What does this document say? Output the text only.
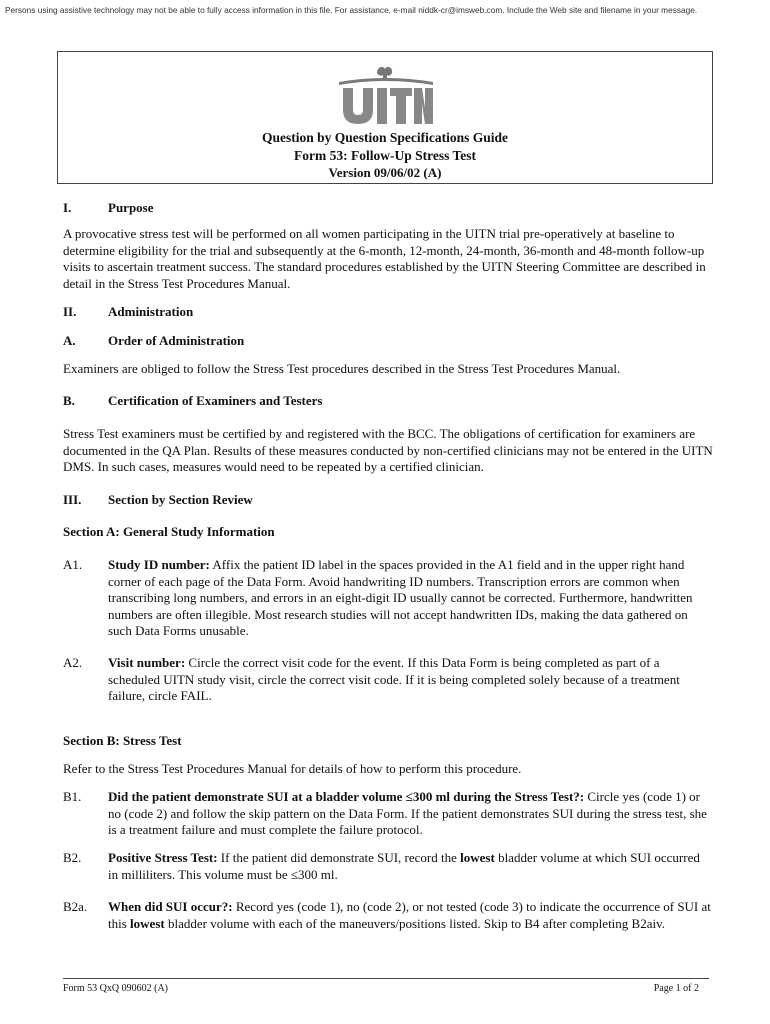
Persons using assistive technology may not be able to fully access information in this file. For assistance, e-mail niddk-cr@imsweb.com. Include the Web site and filename in your message.
Question by Question Specifications Guide
Form 53: Follow-Up Stress Test
Version 09/06/02 (A)
I.	Purpose
A provocative stress test will be performed on all women participating in the UITN trial pre-operatively at baseline to determine eligibility for the trial and subsequently at the 6-month, 12-month, 24-month, 36-month and 48-month follow-up visits to ascertain treatment success. The standard procedures established by the UITN Steering Committee are described in detail in the Stress Test Procedures Manual.
II. Administration
A. Order of Administration
Examiners are obliged to follow the Stress Test procedures described in the Stress Test Procedures Manual.
B.	Certification of Examiners and Testers
Stress Test examiners must be certified by and registered with the BCC. The obligations of certification for examiners are documented in the QA Plan. Results of these measures conducted by non-certified clinicians may not be entered in the UITN DMS. In such cases, measures would need to be repeated by a certified clinician.
III. Section by Section Review
Section A: General Study Information
A1. Study ID number: Affix the patient ID label in the spaces provided in the A1 field and in the upper right hand corner of each page of the Data Form. Avoid handwriting ID numbers. Transcription errors are common when transcribing long numbers, and errors in an eight-digit ID usually cannot be corrected. Furthermore, handwritten numbers are often illegible. Most research studies will not accept handwritten IDs, making the data gathered on such Data Forms unusable.
A2. Visit number: Circle the correct visit code for the event. If this Data Form is being completed as part of a scheduled UITN study visit, circle the correct visit code. If it is being completed solely because of a treatment failure, circle FAIL.
Section B: Stress Test
Refer to the Stress Test Procedures Manual for details of how to perform this procedure.
B1. Did the patient demonstrate SUI at a bladder volume ≤300 ml during the Stress Test?: Circle yes (code 1) or no (code 2) and follow the skip pattern on the Data Form. If the patient demonstrates SUI during the stress test, she is a treatment failure and must complete the failure protocol.
B2. Positive Stress Test: If the patient did demonstrate SUI, record the lowest bladder volume at which SUI occurred in milliliters. This volume must be ≤300 ml.
B2a. When did SUI occur?: Record yes (code 1), no (code 2), or not tested (code 3) to indicate the occurrence of SUI at this lowest bladder volume with each of the maneuvers/positions listed. Skip to B4 after completing B2aiv.
Form 53 QxQ 090602 (A)	Page 1 of 2
